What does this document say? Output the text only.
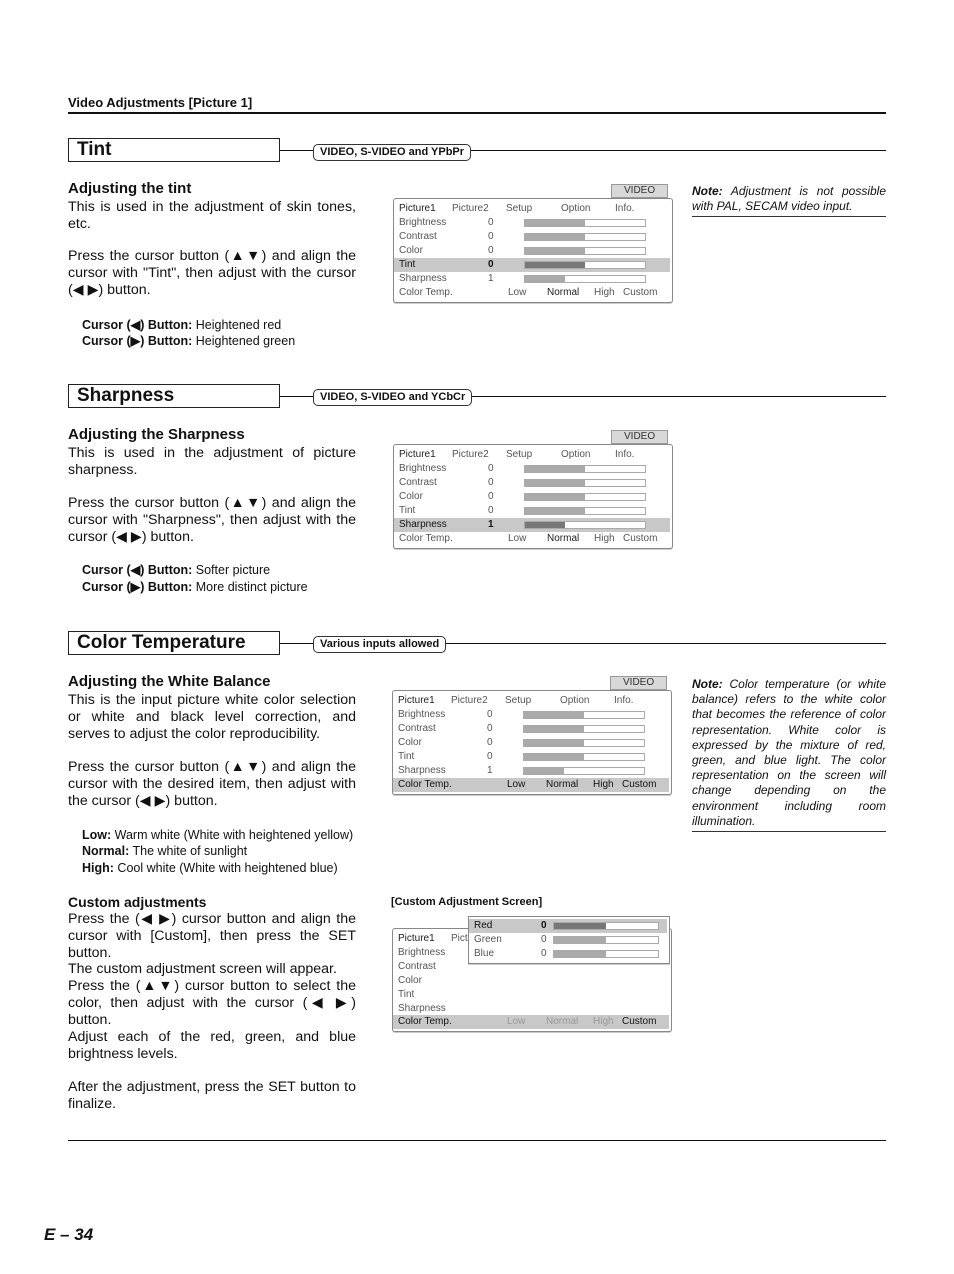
Video Adjustments [Picture 1]
Tint	VIDEO, S-VIDEO and YPbPr
Adjusting the tint

This is used in the adjustment of skin tones, etc.

Press the cursor button (▲▼) and align the cursor with "Tint", then adjust with the cursor (◀ ▶) button.

Cursor (◀) Button: Heightened red
Cursor (▶) Button: Heightened green
Note: Adjustment is not possible with PAL, SECAM video input.
VIDEO
Picture1 Picture2 Setup	Option Info.
Brightness	0
Contrast	0
Color	0
Tint	0
Sharpness	1
Color Temp.	Low Normal High Custom
Sharpness	VIDEO, S-VIDEO and YCbCr
Adjusting the Sharpness

This is used in the adjustment of picture sharpness.

Press the cursor button (▲▼) and align the cursor with "Sharpness", then adjust with the cursor (◀ ▶) button.

Cursor (◀) Button: Softer picture
Cursor (▶) Button: More distinct picture
VIDEO
Picture1 Picture2 Setup	Option Info.
Brightness	0
Contrast	0
Color	0
Tint	0
Sharpness	1
Color Temp.	Low Normal High Custom
Color Temperature	Various inputs allowed
Adjusting the White Balance

This is the input picture white color selection or white and black level correction, and serves to adjust the color reproducibility.

Press the cursor button (▲▼) and align the cursor with the desired item, then adjust with the cursor (◀ ▶) button.

Low: Warm white (White with heightened yellow)
Normal: The white of sunlight
High: Cool white (White with heightened blue)
Note: Color temperature (or white balance) refers to the white color that becomes the reference of color representation. White color is expressed by the mixture of red, green, and blue light. The color representation on the screen will change depending on the environment including room illumination.
VIDEO
Picture1 Picture2 Setup	Option Info.
Brightness	0
Contrast	0
Color	0
Tint	0
Sharpness	1
Color Temp.	Low Normal High Custom
Custom adjustments

Press the (◀ ▶) cursor button and align the cursor with [Custom], then press the SET button.

The custom adjustment screen will appear.

Press the (▲▼) cursor button to select the color, then adjust with the cursor (◀ ▶) button.

Adjust each of the red, green, and blue brightness levels.

After the adjustment, press the SET button to finalize.

[Custom Adjustment Screen]
Picture1 Pict
Brightness
Contrast
Color
Tint
Sharpness
Color Temp.	Low Normal High Custom
Red	0
Green	0
Blue	0
E – 34
